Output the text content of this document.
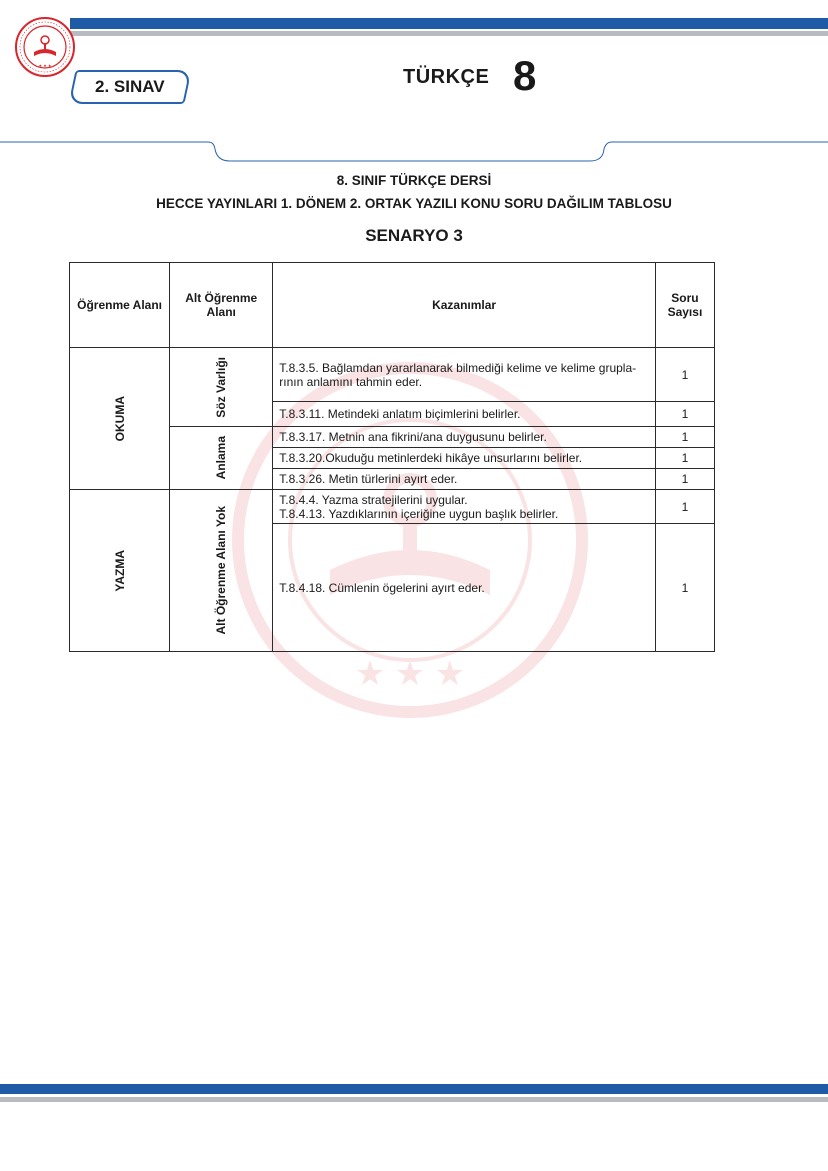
★ ★ ★
2. SINAV	TÜRKÇE 8
8. SINIF TÜRKÇE DERSİ
HECCE YAYINLARI 1. DÖNEM 2. ORTAK YAZILI KONU SORU DAĞILIM TABLOSU
SENARYO 3
★ ★ ★
Öğrenme Alanı	Alt Öğrenme Alanı	Kazanımlar	Soru Sayısı

OKUMA	Söz Varlığı	T.8.3.5. Bağlamdan yararlanarak bilmediği kelime ve kelime grupla-rının anlamını tahmin eder.	1
		T.8.3.11. Metindeki anlatım biçimlerini belirler.	1

	Anlama	T.8.3.17. Metnin ana fikrini/ana duygusunu belirler.	1
		T.8.3.20.Okuduğu metinlerdeki hikâye unsurlarını belirler.	1
		T.8.3.26. Metin türlerini ayırt eder.	1

YAZMA	Alt Öğrenme Alanı Yok	T.8.4.4. Yazma stratejilerini uygular.
T.8.4.13. Yazdıklarının içeriğine uygun başlık belirler.	1
		T.8.4.18. Cümlenin ögelerini ayırt eder.	1
